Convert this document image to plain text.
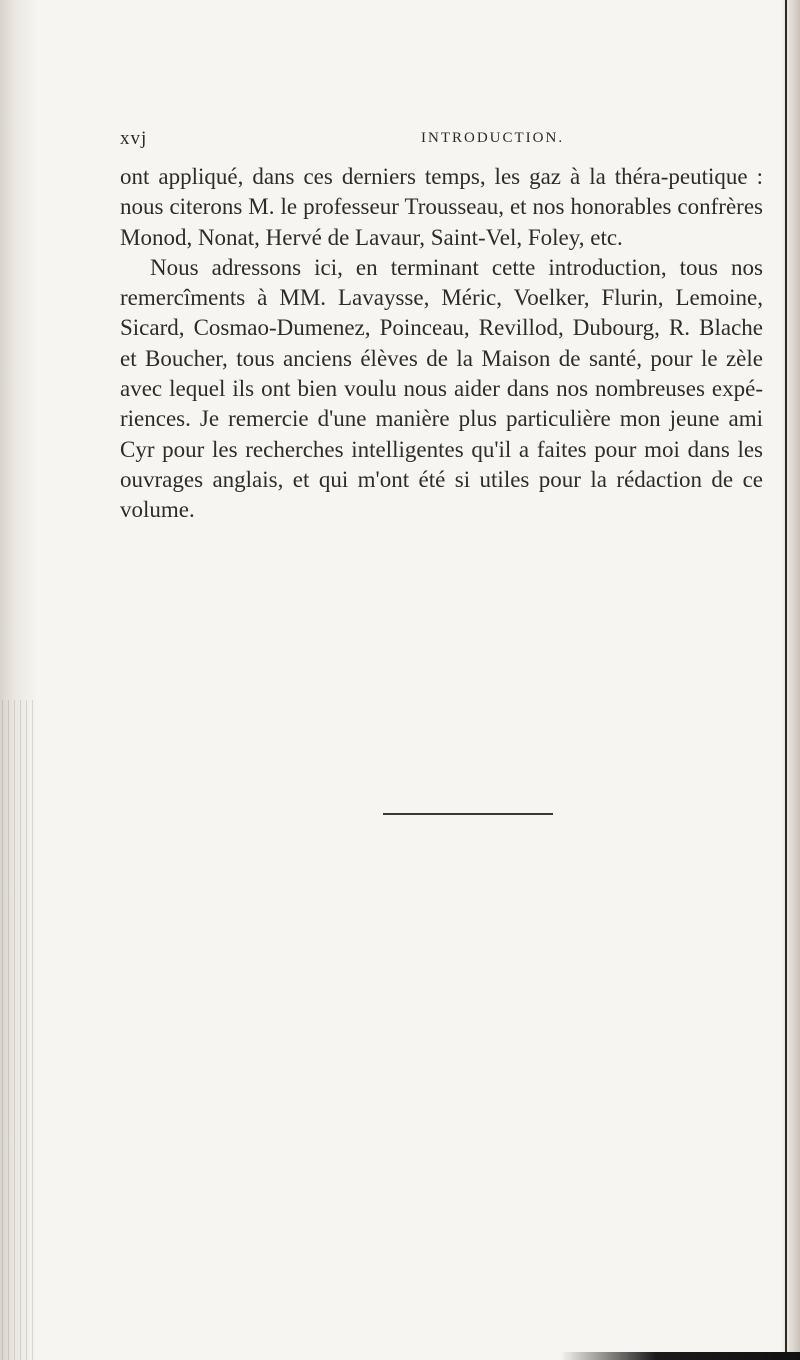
xvj	INTRODUCTION.

ont appliqué, dans ces derniers temps, les gaz à la théra-peutique : nous citerons M. le professeur Trousseau, et nos honorables confrères Monod, Nonat, Hervé de Lavaur, Saint-Vel, Foley, etc.

Nous adressons ici, en terminant cette introduction, tous nos remercîments à MM. Lavaysse, Méric, Voelker, Flurin, Lemoine, Sicard, Cosmao-Dumenez, Poinceau, Revillod, Dubourg, R. Blache et Boucher, tous anciens élèves de la Maison de santé, pour le zèle avec lequel ils ont bien voulu nous aider dans nos nombreuses expé-riences. Je remercie d'une manière plus particulière mon jeune ami Cyr pour les recherches intelligentes qu'il a faites pour moi dans les ouvrages anglais, et qui m'ont été si utiles pour la rédaction de ce volume.
